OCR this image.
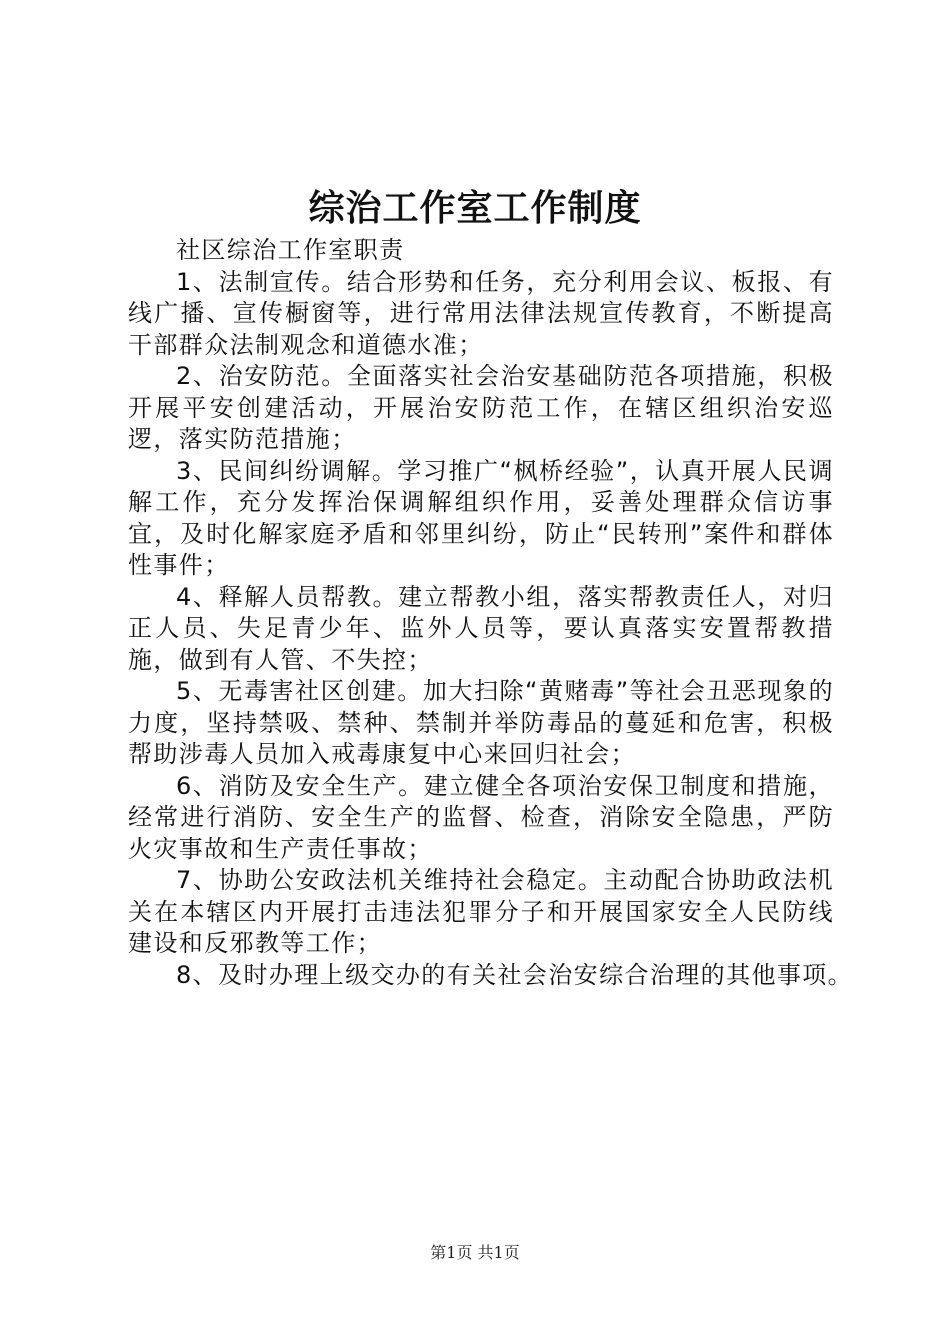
综治工作室工作制度

社区综治工作室职责

1、法制宣传。结合形势和任务，充分利用会议、板报、有线广播、宣传橱窗等，进行常用法律法规宣传教育，不断提高干部群众法制观念和道德水准；

2、治安防范。全面落实社会治安基础防范各项措施，积极开展平安创建活动，开展治安防范工作，在辖区组织治安巡逻，落实防范措施；

3、民间纠纷调解。学习推广“枫桥经验”，认真开展人民调解工作，充分发挥治保调解组织作用，妥善处理群众信访事宜，及时化解家庭矛盾和邻里纠纷，防止“民转刑”案件和群体性事件；

4、释解人员帮教。建立帮教小组，落实帮教责任人，对归正人员、失足青少年、监外人员等，要认真落实安置帮教措施，做到有人管、不失控；

5、无毒害社区创建。加大扫除“黄赌毒”等社会丑恶现象的力度，坚持禁吸、禁种、禁制并举防毒品的蔓延和危害，积极帮助涉毒人员加入戒毒康复中心来回归社会；

6、消防及安全生产。建立健全各项治安保卫制度和措施，经常进行消防、安全生产的监督、检查，消除安全隐患，严防火灾事故和生产责任事故；

7、协助公安政法机关维持社会稳定。主动配合协助政法机关在本辖区内开展打击违法犯罪分子和开展国家安全人民防线建设和反邪教等工作；

8、及时办理上级交办的有关社会治安综合治理的其他事项。

第1页 共1页
